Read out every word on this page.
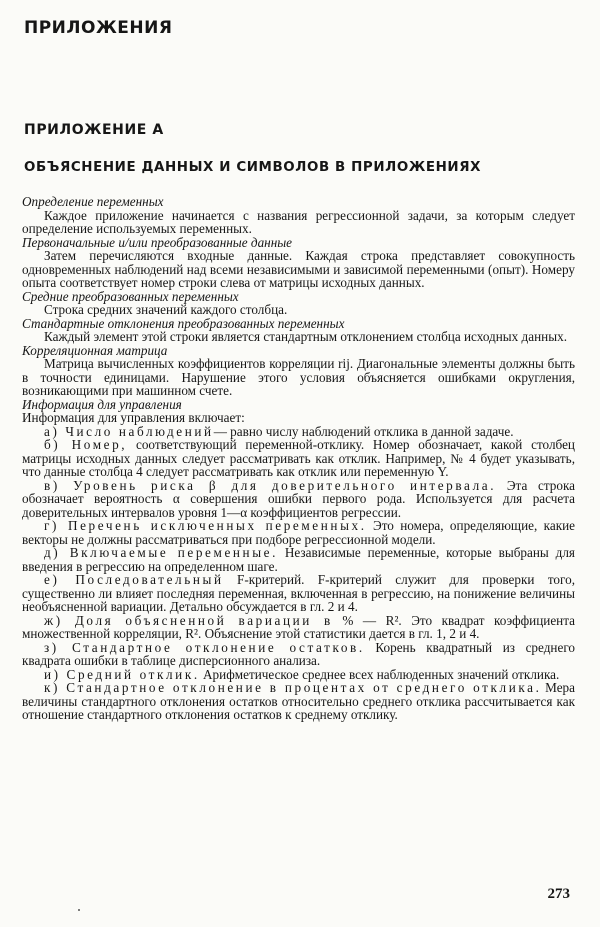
ПРИЛОЖЕНИЯ
ПРИЛОЖЕНИЕ А
ОБЪЯСНЕНИЕ ДАННЫХ И СИМВОЛОВ В ПРИЛОЖЕНИЯХ

Определение переменных

Каждое приложение начинается с названия регрессионной задачи, за которым следует определение используемых переменных.

Первоначальные и/или преобразованные данные

Затем перечисляются входные данные. Каждая строка представляет совокупность одновременных наблюдений над всеми независимыми и зависимой переменными (опыт). Номеру опыта соответствует номер строки слева от матрицы исходных данных.

Средние преобразованных переменных

Строка средних значений каждого столбца.

Стандартные отклонения преобразованных переменных

Каждый элемент этой строки является стандартным отклонением столбца исходных данных.

Корреляционная матрица

Матрица вычисленных коэффициентов корреляции rij. Диагональные элементы должны быть в точности единицами. Нарушение этого условия объясняется ошибками округления, возникающими при машинном счете.

Информация для управления

Информация для управления включает:

а) Число наблюдений— равно числу наблюдений отклика в данной задаче.

б) Номер, соответствующий переменной-отклику. Номер обозначает, какой столбец матрицы исходных данных следует рассматривать как отклик. Например, № 4 будет указывать, что данные столбца 4 следует рассматривать как отклик или переменную Y.

в) Уровень риска β для доверительного интервала. Эта строка обозначает вероятность α совершения ошибки первого рода. Используется для расчета доверительных интервалов уровня 1—α коэффициентов регрессии.

г) Перечень исключенных переменных. Это номера, определяющие, какие векторы не должны рассматриваться при подборе регрессионной модели.

д) Включаемые переменные. Независимые переменные, которые выбраны для введения в регрессию на определенном шаге.

е) Последовательный F-критерий. F-критерий служит для проверки того, существенно ли влияет последняя переменная, включенная в регрессию, на понижение величины необъясненной вариации. Детально обсуждается в гл. 2 и 4.

ж) Доля объясненной вариации в % — R². Это квадрат коэффициента множественной корреляции, R². Объяснение этой статистики дается в гл. 1, 2 и 4.

з) Стандартное отклонение остатков. Корень квадратный из среднего квадрата ошибки в таблице дисперсионного анализа.

и) Средний отклик. Арифметическое среднее всех наблюденных значений отклика.

к) Стандартное отклонение в процентах от среднего отклика. Мера величины стандартного отклонения остатков относительно среднего отклика рассчитывается как отношение стандартного отклонения остатков к среднему отклику.

273
